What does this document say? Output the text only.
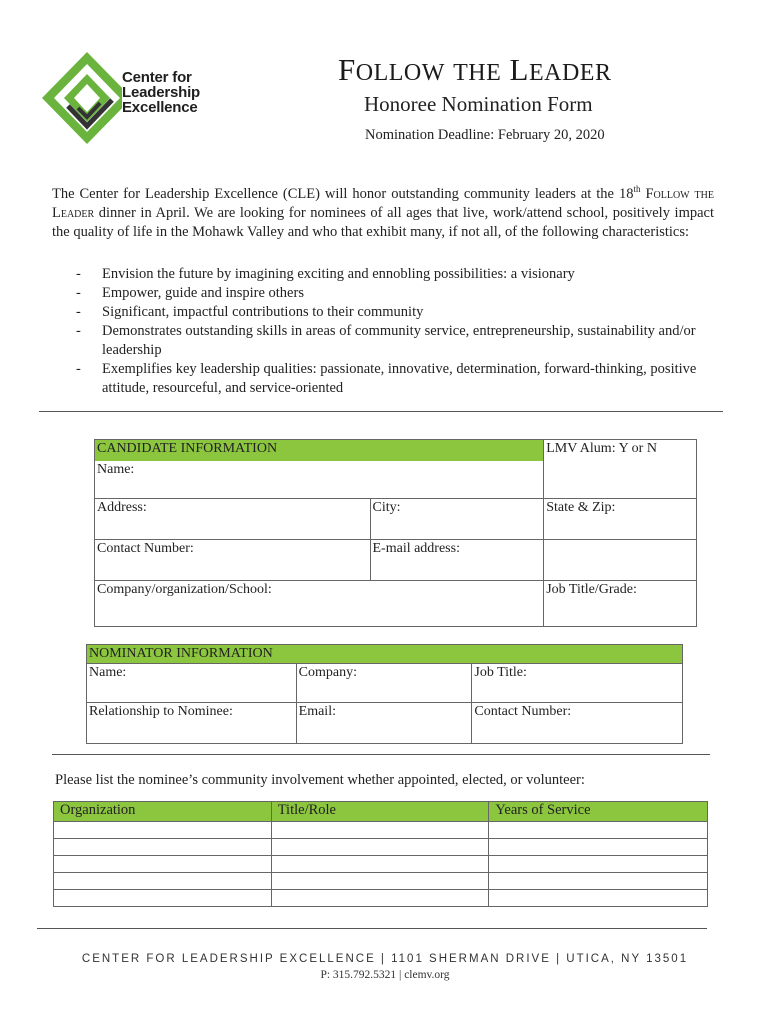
Center for
Leadership
Excellence
FOLLOW THE LEADER
Honoree Nomination Form
Nomination Deadline: February 20, 2020
The Center for Leadership Excellence (CLE) will honor outstanding community leaders at the 18th Follow the Leader dinner in April. We are looking for nominees of all ages that live, work/attend school, positively impact the quality of life in the Mohawk Valley and who that exhibit many, if not all, of the following characteristics:
- Envision the future by imagining exciting and ennobling possibilities: a visionary
- Empower, guide and inspire others
- Significant, impactful contributions to their community
- Demonstrates outstanding skills in areas of community service, entrepreneurship, sustainability and/or leadership
- Exemplifies key leadership qualities: passionate, innovative, determination, forward-thinking, positive attitude, resourceful, and service-oriented
CANDIDATE INFORMATION		LMV Alum: Y or N
Name:		
Address:	City:	State & Zip:
Contact Number:	E-mail address:	
Company/organization/School:		Job Title/Grade:
NOMINATOR INFORMATION		
Name:	Company:	Job Title:
Relationship to Nominee:	Email:	Contact Number:
Please list the nominee’s community involvement whether appointed, elected, or volunteer:
Organization	Title/Role	Years of Service

CENTER FOR LEADERSHIP EXCELLENCE | 1101 SHERMAN DRIVE | UTICA, NY 13501
P: 315.792.5321 | clemv.org
